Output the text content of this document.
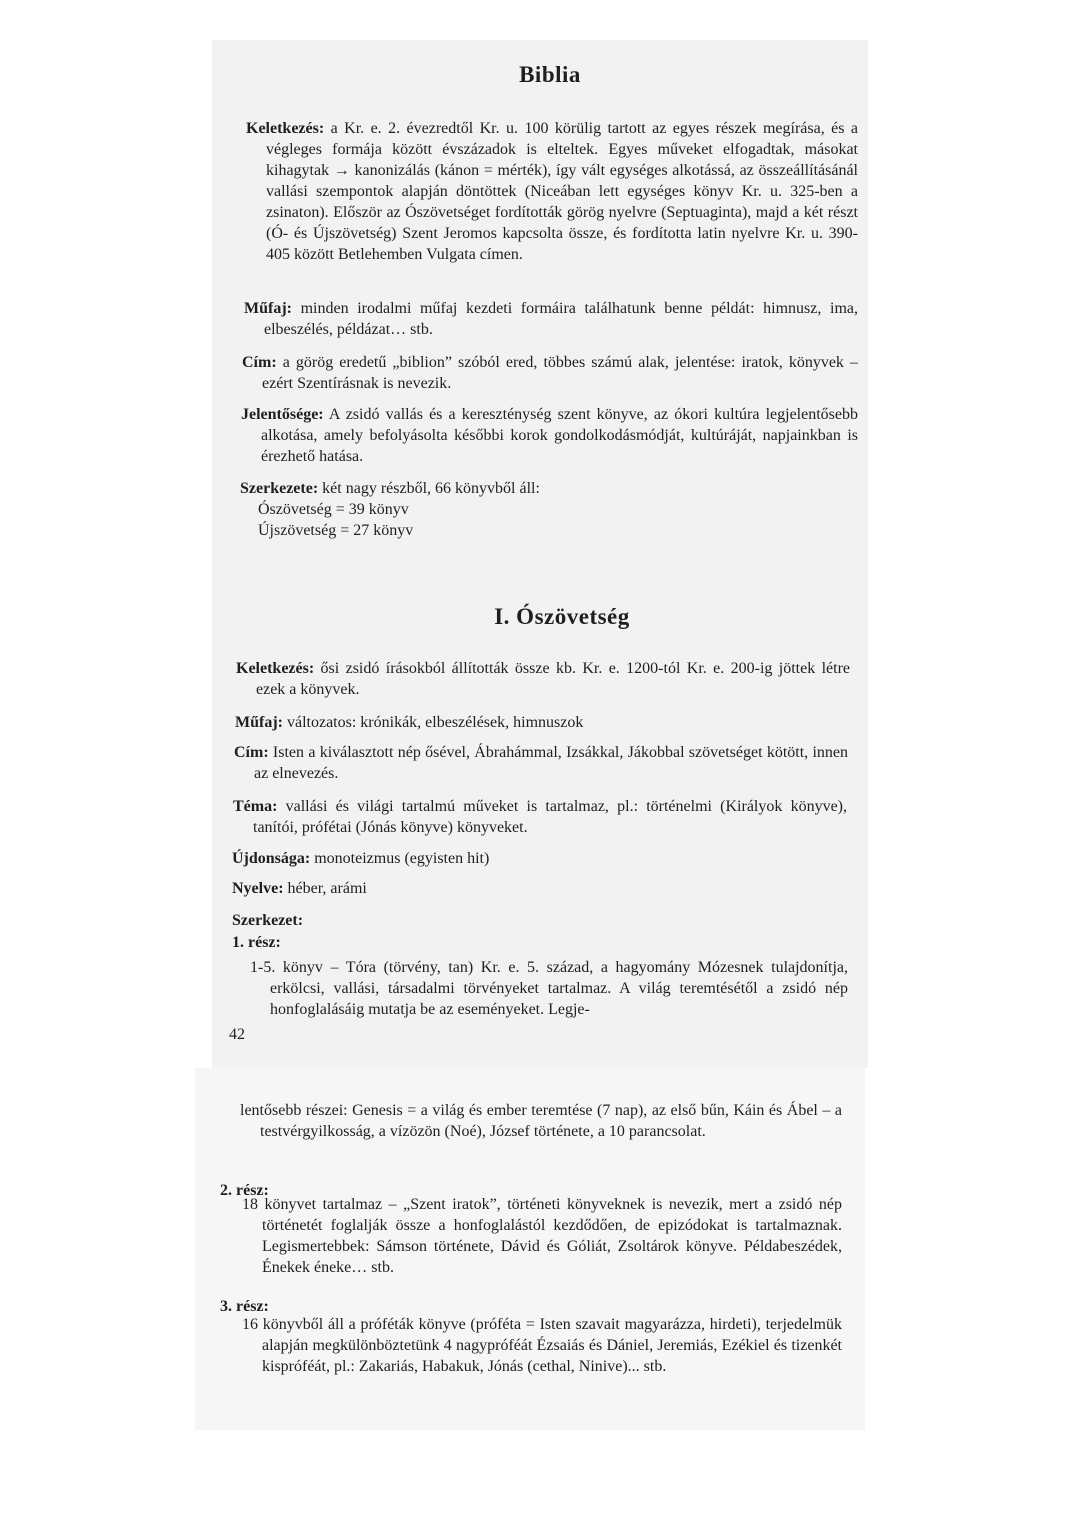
Biblia

Keletkezés: a Kr. e. 2. évezredtől Kr. u. 100 körülig tartott az egyes részek megírása, és a végleges formája között évszázadok is elteltek. Egyes műveket elfogadtak, másokat kihagytak → kanonizálás (kánon = mérték), így vált egységes alkotássá, az összeállításánál vallási szempontok alapján döntöttek (Niceában lett egységes könyv Kr. u. 325-ben a zsinaton). Először az Ószövetséget fordították görög nyelvre (Septuaginta), majd a két részt (Ó- és Újszövetség) Szent Jeromos kapcsolta össze, és fordította latin nyelvre Kr. u. 390-405 között Betlehemben Vulgata címen.

Műfaj: minden irodalmi műfaj kezdeti formáira találhatunk benne példát: himnusz, ima, elbeszélés, példázat… stb.

Cím: a görög eredetű „biblion” szóból ered, többes számú alak, jelentése: iratok, könyvek – ezért Szentírásnak is nevezik.

Jelentősége: A zsidó vallás és a kereszténység szent könyve, az ókori kultúra legjelentősebb alkotása, amely befolyásolta későbbi korok gondolkodásmódját, kultúráját, napjainkban is érezhető hatása.

Szerkezete: két nagy részből, 66 könyvből áll:

Ószövetség = 39 könyv
Újszövetség = 27 könyv
I. Ószövetség

Keletkezés: ősi zsidó írásokból állították össze kb. Kr. e. 1200-tól Kr. e. 200-ig jöttek létre ezek a könyvek.

Műfaj: változatos: krónikák, elbeszélések, himnuszok

Cím: Isten a kiválasztott nép ősével, Ábrahámmal, Izsákkal, Jákobbal szövetséget kötött, innen az elnevezés.

Téma: vallási és világi tartalmú műveket is tartalmaz, pl.: történelmi (Királyok könyve), tanítói, prófétai (Jónás könyve) könyveket.

Újdonsága: monoteizmus (egyisten hit)

Nyelve: héber, arámi

Szerkezet:

1. rész:

1-5. könyv – Tóra (törvény, tan) Kr. e. 5. század, a hagyomány Mózesnek tulajdonítja, erkölcsi, vallási, társadalmi törvényeket tartalmaz. A világ teremtésétől a zsidó nép honfoglalásáig mutatja be az eseményeket. Legje-

42

lentősebb részei: Genesis = a világ és ember teremtése (7 nap), az első bűn, Káin és Ábel – a testvérgyilkosság, a vízözön (Noé), József története, a 10 parancsolat.

2. rész:

18 könyvet tartalmaz – „Szent iratok”, történeti könyveknek is nevezik, mert a zsidó nép történetét foglalják össze a honfoglalástól kezdődően, de epizódokat is tartalmaznak. Legismertebbek: Sámson története, Dávid és Góliát, Zsoltárok könyve. Példabeszédek, Énekek éneke… stb.

3. rész:

16 könyvből áll a próféták könyve (próféta = Isten szavait magyarázza, hirdeti), terjedelmük alapján megkülönböztetünk 4 nagypróféát Ézsaiás és Dániel, Jeremiás, Ezékiel és tizenkét kispróféát, pl.: Zakariás, Habakuk, Jónás (cethal, Ninive)... stb.
